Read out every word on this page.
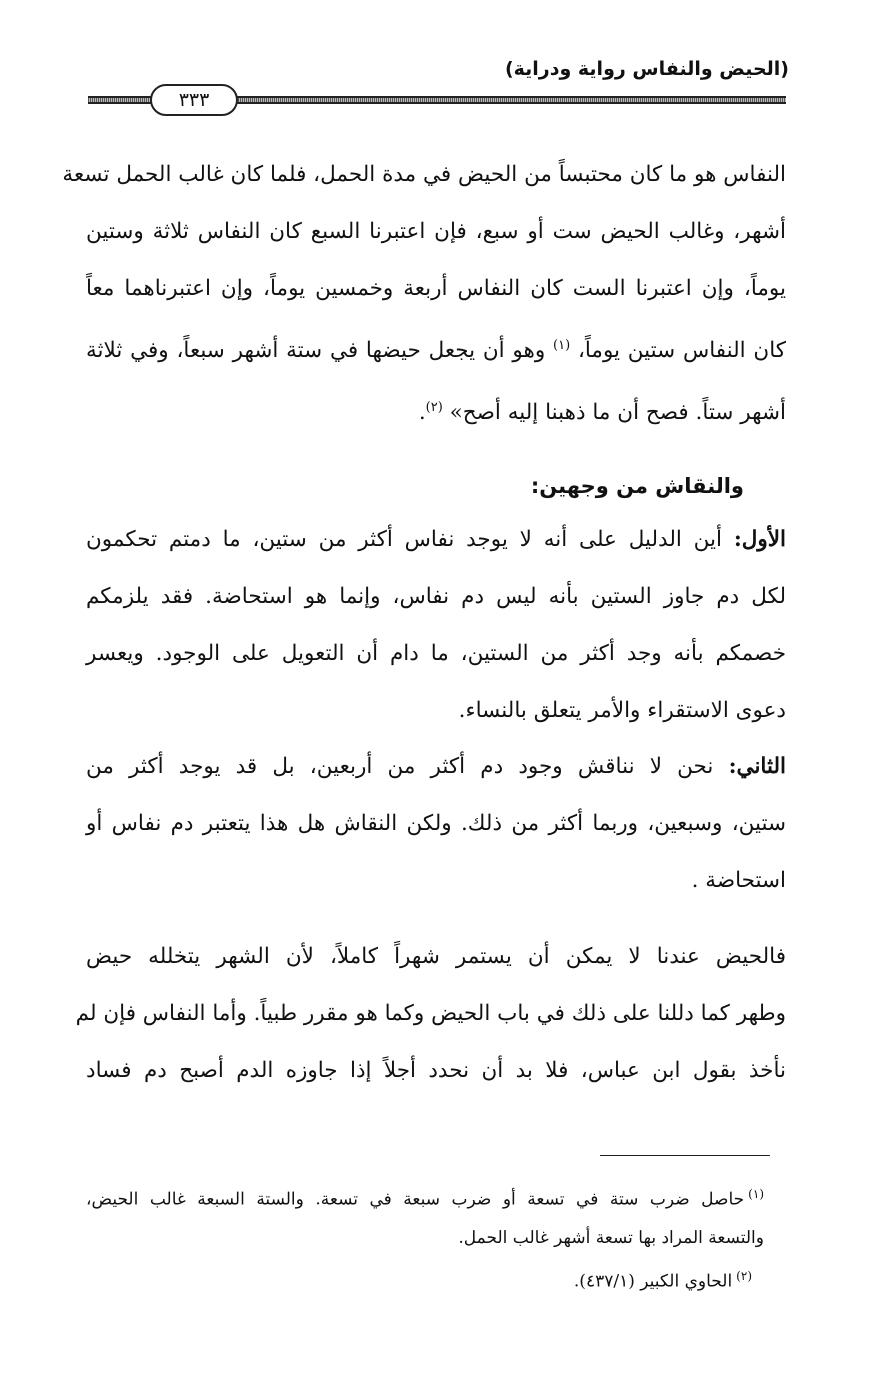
(الحيض والنفاس رواية ودراية)
٣٣٣

النفاس هو ما كان محتبساً من الحيض في مدة الحمل، فلما كان غالب الحمل تسعة

أشهر، وغالب الحيض ست أو سبع، فإن اعتبرنا السبع كان النفاس ثلاثة وستين

يوماً، وإن اعتبرنا الست كان النفاس أربعة وخمسين يوماً، وإن اعتبرناهما معاً

كان النفاس ستين يوماً، $^{(١)}$ وهو أن يجعل حيضها في ستة أشهر سبعاً، وفي ثلاثة

أشهر ستاً. فصح أن ما ذهبنا إليه أصح» $^{(٢)}$.

والنقاش من وجهين:

الأول: أين الدليل على أنه لا يوجد نفاس أكثر من ستين، ما دمتم تحكمون

لكل دم جاوز الستين بأنه ليس دم نفاس، وإنما هو استحاضة. فقد يلزمكم

خصمكم بأنه وجد أكثر من الستين، ما دام أن التعويل على الوجود. ويعسر

دعوى الاستقراء والأمر يتعلق بالنساء.

الثاني: نحن لا نناقش وجود دم أكثر من أربعين، بل قد يوجد أكثر من

ستين، وسبعين، وربما أكثر من ذلك. ولكن النقاش هل هذا يتعتبر دم نفاس أو

استحاضة .

فالحيض عندنا لا يمكن أن يستمر شهراً كاملاً، لأن الشهر يتخلله حيض

وطهر كما دللنا على ذلك في باب الحيض وكما هو مقرر طبياً. وأما النفاس فإن لم

نأخذ بقول ابن عباس، فلا بد أن نحدد أجلاً إذا جاوزه الدم أصبح دم فساد

$^{(١)}$حاصل ضرب ستة في تسعة أو ضرب سبعة في تسعة. والستة السبعة غالب الحيض،

والتسعة المراد بها تسعة أشهر غالب الحمل.

$^{(٢)}$الحاوي الكبير (٤٣٧/١).
